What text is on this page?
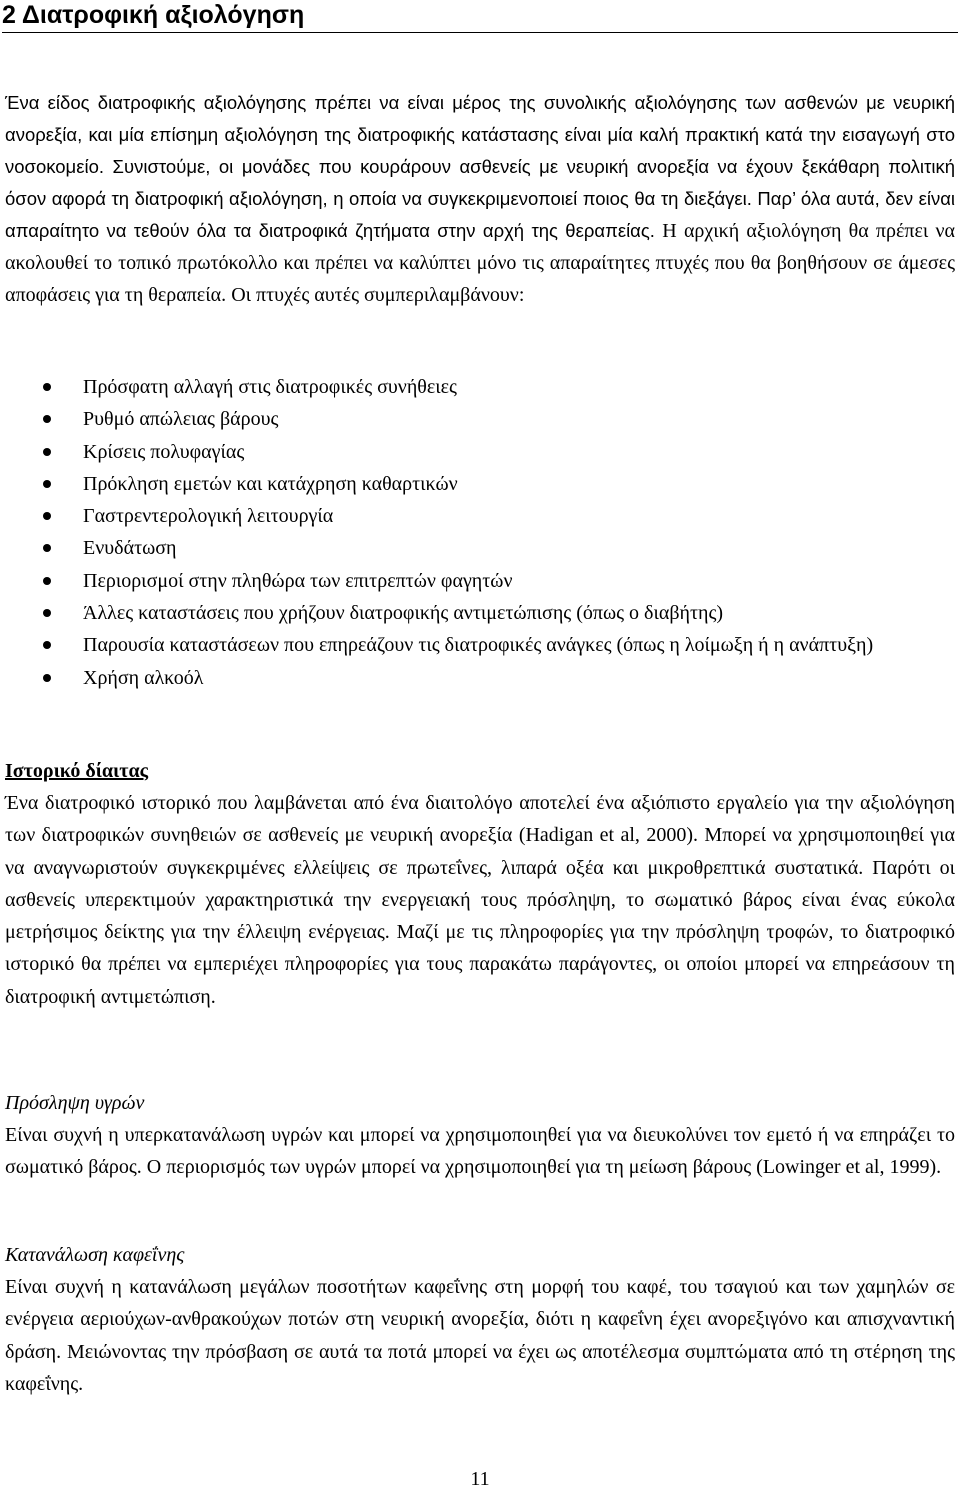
2 Διατροφική αξιολόγηση

Ένα είδος διατροφικής αξιολόγησης πρέπει να είναι μέρος της συνολικής αξιολόγησης των ασθενών με νευρική ανορεξία, και μία επίσημη αξιολόγηση της διατροφικής κατάστασης είναι μία καλή πρακτική κατά την εισαγωγή στο νοσοκομείο. Συνιστούμε, οι μονάδες που κουράρουν ασθενείς με νευρική ανορεξία να έχουν ξεκάθαρη πολιτική όσον αφορά τη διατροφική αξιολόγηση, η οποία να συγκεκριμενοποιεί ποιος θα τη διεξάγει. Παρ’ όλα αυτά, δεν είναι απαραίτητο να τεθούν όλα τα διατροφικά ζητήματα στην αρχή της θεραπείας. Η αρχική αξιολόγηση θα πρέπει να ακολουθεί το τοπικό πρωτόκολλο και πρέπει να καλύπτει μόνο τις απαραίτητες πτυχές που θα βοηθήσουν σε άμεσες αποφάσεις για τη θεραπεία. Οι πτυχές αυτές συμπεριλαμβάνουν:

Πρόσφατη αλλαγή στις διατροφικές συνήθειες
Ρυθμό απώλειας βάρους
Κρίσεις πολυφαγίας
Πρόκληση εμετών και κατάχρηση καθαρτικών
Γαστρεντερολογική λειτουργία
Ενυδάτωση
Περιορισμοί στην πληθώρα των επιτρεπτών φαγητών
Άλλες καταστάσεις που χρήζουν διατροφικής αντιμετώπισης (όπως ο διαβήτης)
Παρουσία καταστάσεων που επηρεάζουν τις διατροφικές ανάγκες (όπως η λοίμωξη ή η ανάπτυξη)
Χρήση αλκοόλ
Ιστορικό δίαιτας

Ένα διατροφικό ιστορικό που λαμβάνεται από ένα διαιτολόγο αποτελεί ένα αξιόπιστο εργαλείο για την αξιολόγηση των διατροφικών συνηθειών σε ασθενείς με νευρική ανορεξία (Hadigan et al, 2000). Μπορεί να χρησιμοποιηθεί για να αναγνωριστούν συγκεκριμένες ελλείψεις σε πρωτεΐνες, λιπαρά οξέα και μικροθρεπτικά συστατικά. Παρότι οι ασθενείς υπερεκτιμούν χαρακτηριστικά την ενεργειακή τους πρόσληψη, το σωματικό βάρος είναι ένας εύκολα μετρήσιμος δείκτης για την έλλειψη ενέργειας. Μαζί με τις πληροφορίες για την πρόσληψη τροφών, το διατροφικό ιστορικό θα πρέπει να εμπεριέχει πληροφορίες για τους παρακάτω παράγοντες, οι οποίοι μπορεί να επηρεάσουν τη διατροφική αντιμετώπιση.

Πρόσληψη υγρών

Είναι συχνή η υπερκατανάλωση υγρών και μπορεί να χρησιμοποιηθεί για να διευκολύνει τον εμετό ή να επηράζει το σωματικό βάρος. Ο περιορισμός των υγρών μπορεί να χρησιμοποιηθεί για τη μείωση βάρους (Lowinger et al, 1999).

Κατανάλωση καφεΐνης

Είναι συχνή η κατανάλωση μεγάλων ποσοτήτων καφεΐνης στη μορφή του καφέ, του τσαγιού και των χαμηλών σε ενέργεια αεριούχων-ανθρακούχων ποτών στη νευρική ανορεξία, διότι η καφεΐνη έχει ανορεξιγόνο και απισχναντική δράση. Μειώνοντας την πρόσβαση σε αυτά τα ποτά μπορεί να έχει ως αποτέλεσμα συμπτώματα από τη στέρηση της καφεΐνης.

11
